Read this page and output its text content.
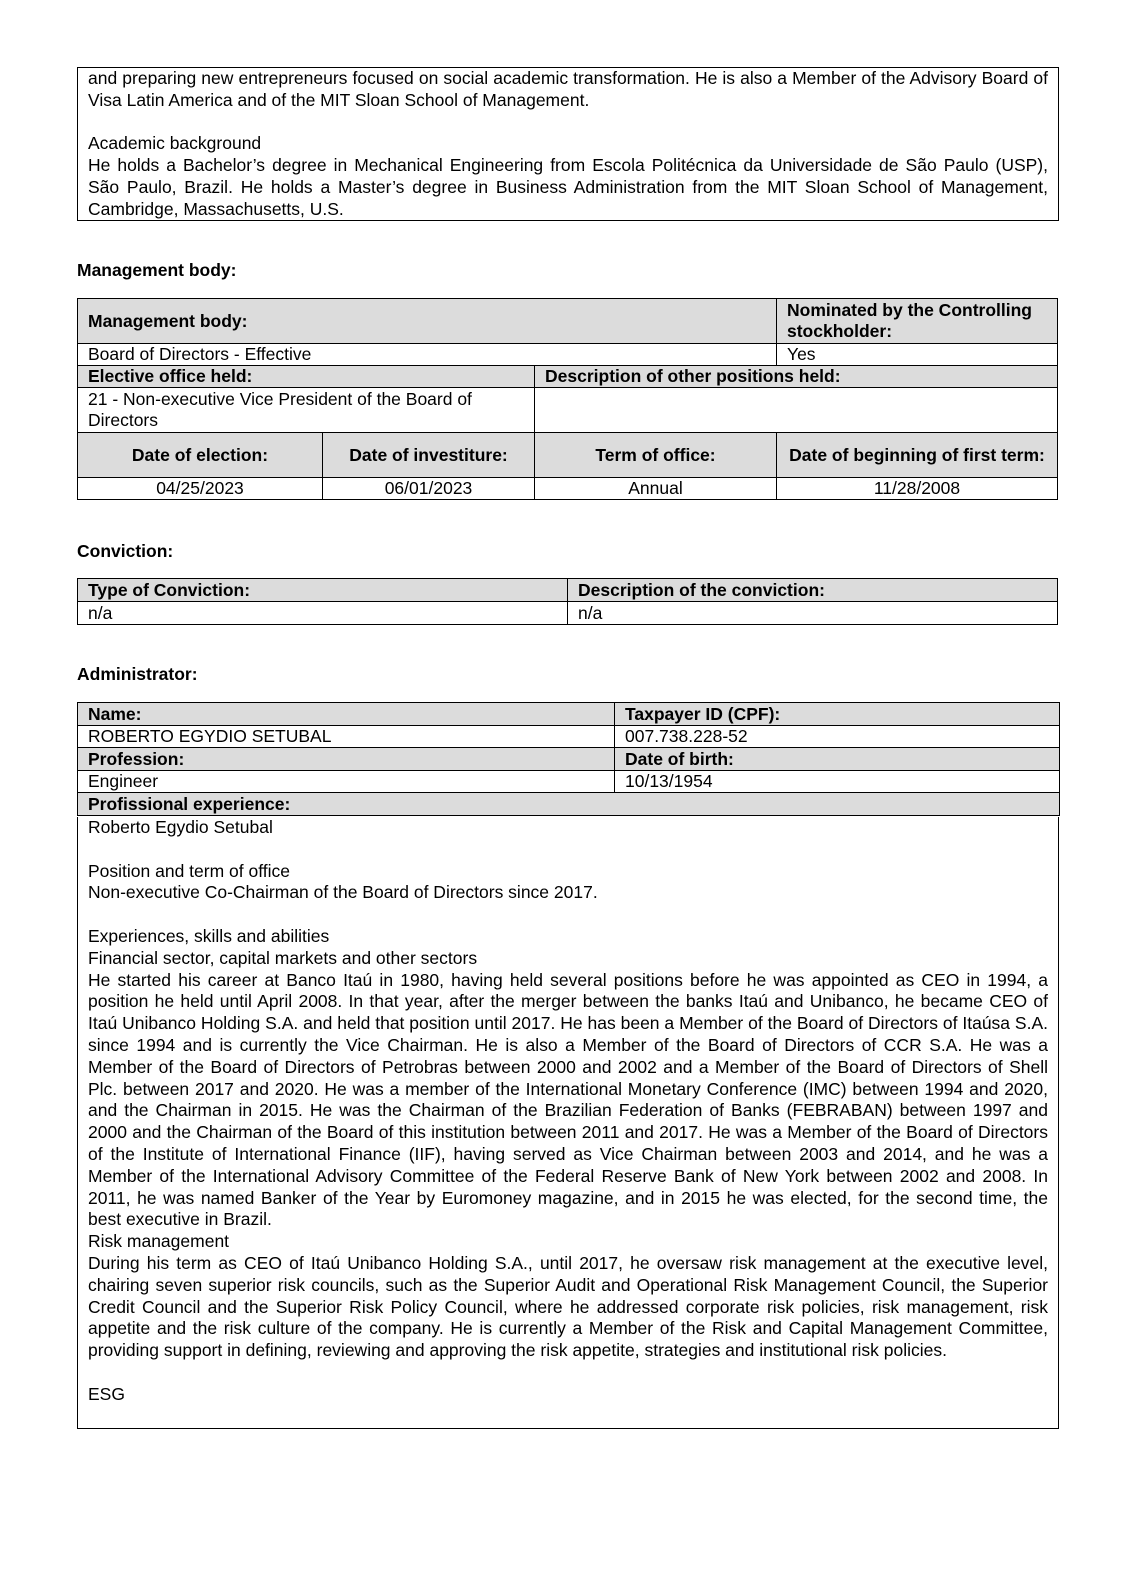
and preparing new entrepreneurs focused on social academic transformation. He is also a Member of the Advisory Board of Visa Latin America and of the MIT Sloan School of Management.

Academic background

He holds a Bachelor’s degree in Mechanical Engineering from Escola Politécnica da Universidade de São Paulo (USP), São Paulo, Brazil. He holds a Master’s degree in Business Administration from the MIT Sloan School of Management, Cambridge, Massachusetts, U.S.

Management body:
Management body:			Nominated by the Controlling stockholder:
Board of Directors - Effective			Yes
Elective office held:		Description of other positions held:	
21 - Non-executive Vice President of the Board of Directors			
Date of election:	Date of investiture:	Term of office:	Date of beginning of first term:
04/25/2023	06/01/2023	Annual	11/28/2008
Conviction:
Type of Conviction:	Description of the conviction:
n/a	n/a
Administrator:
Name:	Taxpayer ID (CPF):
ROBERTO EGYDIO SETUBAL	007.738.228-52
Profession:	Date of birth:
Engineer	10/13/1954
Profissional experience:	

Roberto Egydio Setubal

Position and term of office

Non-executive Co-Chairman of the Board of Directors since 2017.

Experiences, skills and abilities

Financial sector, capital markets and other sectors

He started his career at Banco Itaú in 1980, having held several positions before he was appointed as CEO in 1994, a position he held until April 2008. In that year, after the merger between the banks Itaú and Unibanco, he became CEO of Itaú Unibanco Holding S.A. and held that position until 2017. He has been a Member of the Board of Directors of Itaúsa S.A. since 1994 and is currently the Vice Chairman. He is also a Member of the Board of Directors of CCR S.A. He was a Member of the Board of Directors of Petrobras between 2000 and 2002 and a Member of the Board of Directors of Shell Plc. between 2017 and 2020. He was a member of the International Monetary Conference (IMC) between 1994 and 2020, and the Chairman in 2015. He was the Chairman of the Brazilian Federation of Banks (FEBRABAN) between 1997 and 2000 and the Chairman of the Board of this institution between 2011 and 2017. He was a Member of the Board of Directors of the Institute of International Finance (IIF), having served as Vice Chairman between 2003 and 2014, and he was a Member of the International Advisory Committee of the Federal Reserve Bank of New York between 2002 and 2008. In 2011, he was named Banker of the Year by Euromoney magazine, and in 2015 he was elected, for the second time, the best executive in Brazil.

Risk management

During his term as CEO of Itaú Unibanco Holding S.A., until 2017, he oversaw risk management at the executive level, chairing seven superior risk councils, such as the Superior Audit and Operational Risk Management Council, the Superior Credit Council and the Superior Risk Policy Council, where he addressed corporate risk policies, risk management, risk appetite and the risk culture of the company. He is currently a Member of the Risk and Capital Management Committee, providing support in defining, reviewing and approving the risk appetite, strategies and institutional risk policies.

ESG
